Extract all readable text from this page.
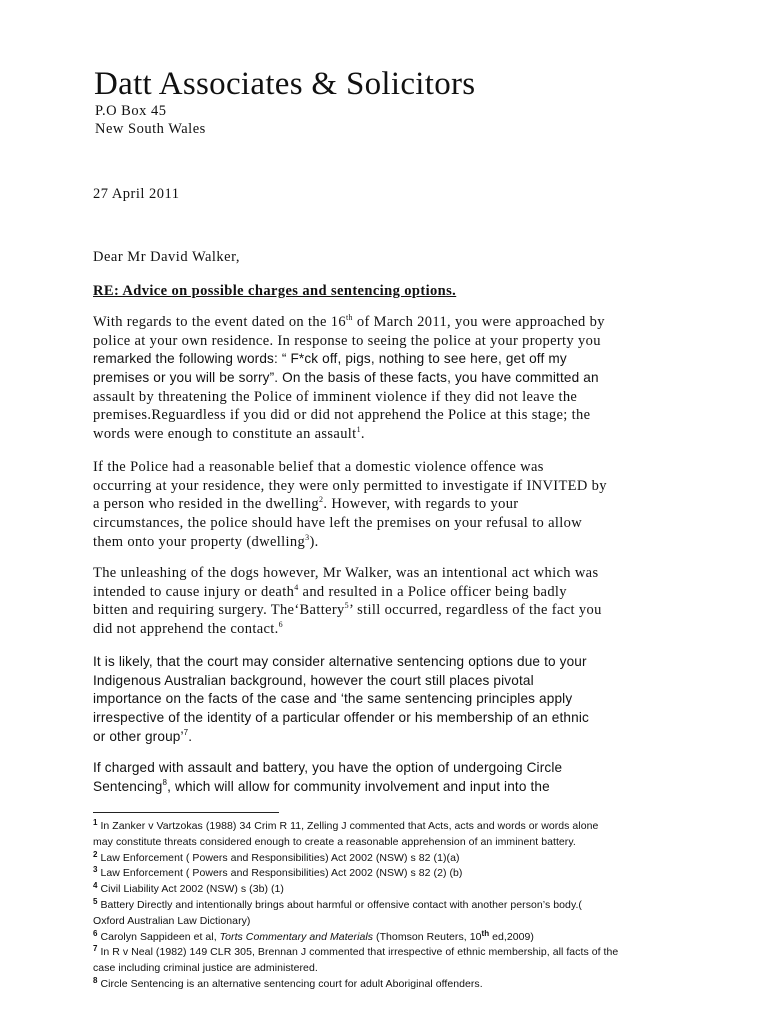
Datt Associates & Solicitors
P.O Box 45
New South Wales
27 April 2011
Dear Mr David Walker,
RE: Advice on possible charges and sentencing options.
With regards to the event dated on the 16th of March 2011, you were approached by
police at your own residence. In response to seeing the police at your property you
remarked the following words: “ F*ck off, pigs, nothing to see here, get off my
premises or you will be sorry”. On the basis of these facts, you have committed an
assault by threatening the Police of imminent violence if they did not leave the
premises.Reguardless if you did or did not apprehend the Police at this stage; the
words were enough to constitute an assault$^1$.
If the Police had a reasonable belief that a domestic violence offence was
occurring at your residence, they were only permitted to investigate if INVITED by
a person who resided in the dwelling$^2$. However, with regards to your
circumstances, the police should have left the premises on your refusal to allow
them onto your property (dwelling$^3$).
The unleashing of the dogs however, Mr Walker, was an intentional act which was
intended to cause injury or death$^4$ and resulted in a Police officer being badly
bitten and requiring surgery. The‘Battery$^5$’ still occurred, regardless of the fact you
did not apprehend the contact.$^6$
It is likely, that the court may consider alternative sentencing options due to your
Indigenous Australian background, however the court still places pivotal
importance on the facts of the case and ‘the same sentencing principles apply
irrespective of the identity of a particular offender or his membership of an ethnic
or other group’$^7$.
If charged with assault and battery, you have the option of undergoing Circle
Sentencing$^8$, which will allow for community involvement and input into the
$^1$ In Zanker v Vartzokas (1988) 34 Crim R 11, Zelling J commented that Acts, acts and words or words alone
may constitute threats considered enough to create a reasonable apprehension of an imminent battery.
$^2$ Law Enforcement ( Powers and Responsibilities) Act 2002 (NSW) s 82 (1)(a)
$^3$ Law Enforcement ( Powers and Responsibilities) Act 2002 (NSW) s 82 (2) (b)
$^4$ Civil Liability Act 2002 (NSW) s (3b) (1)
$^5$ Battery Directly and intentionally brings about harmful or offensive contact with another person’s body.(
Oxford Australian Law Dictionary)
$^6$ Carolyn Sappideen et al, Torts Commentary and Materials (Thomson Reuters, 10th ed,2009)
$^7$ In R v Neal (1982) 149 CLR 305, Brennan J commented that irrespective of ethnic membership, all facts of the
case including criminal justice are administered.
$^8$ Circle Sentencing is an alternative sentencing court for adult Aboriginal offenders.
